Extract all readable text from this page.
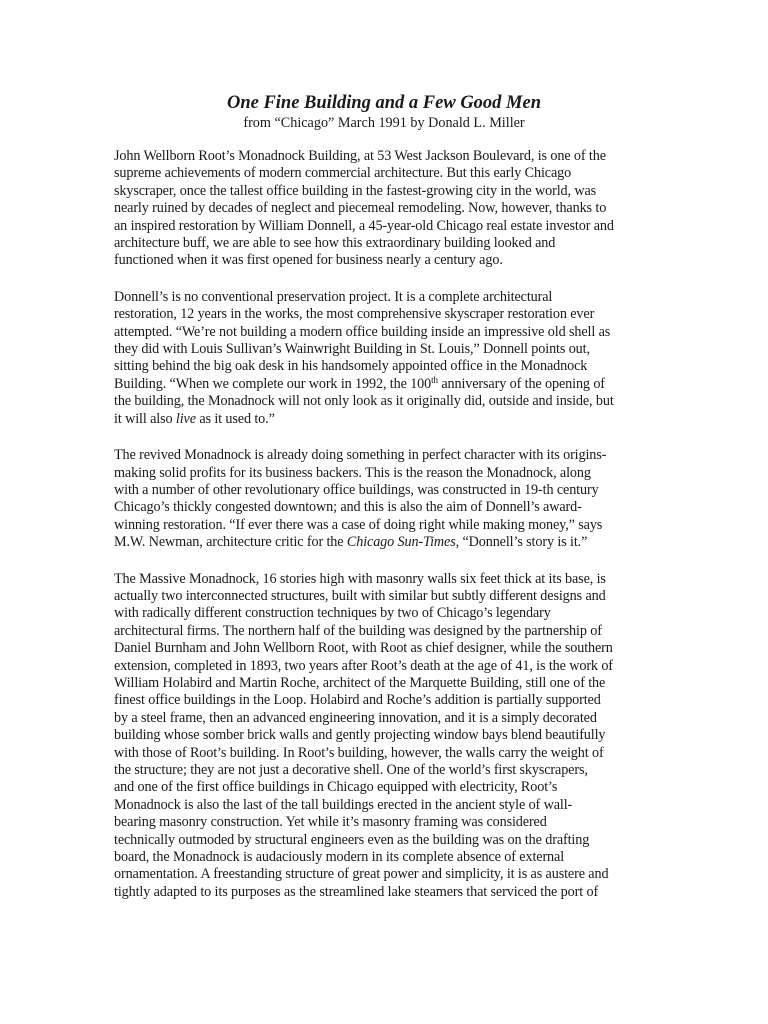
One Fine Building and a Few Good Men
from “Chicago” March 1991 by Donald L. Miller

John Wellborn Root’s Monadnock Building, at 53 West Jackson Boulevard, is one of the
supreme achievements of modern commercial architecture. But this early Chicago
skyscraper, once the tallest office building in the fastest-growing city in the world, was
nearly ruined by decades of neglect and piecemeal remodeling. Now, however, thanks to
an inspired restoration by William Donnell, a 45-year-old Chicago real estate investor and
architecture buff, we are able to see how this extraordinary building looked and
functioned when it was first opened for business nearly a century ago.

Donnell’s is no conventional preservation project. It is a complete architectural
restoration, 12 years in the works, the most comprehensive skyscraper restoration ever
attempted. “We’re not building a modern office building inside an impressive old shell as
they did with Louis Sullivan’s Wainwright Building in St. Louis,” Donnell points out,
sitting behind the big oak desk in his handsomely appointed office in the Monadnock
Building. “When we complete our work in 1992, the 100th anniversary of the opening of
the building, the Monadnock will not only look as it originally did, outside and inside, but
it will also live as it used to.”

The revived Monadnock is already doing something in perfect character with its origins-
making solid profits for its business backers. This is the reason the Monadnock, along
with a number of other revolutionary office buildings, was constructed in 19-th century
Chicago’s thickly congested downtown; and this is also the aim of Donnell’s award-
winning restoration. “If ever there was a case of doing right while making money,” says
M.W. Newman, architecture critic for the Chicago Sun-Times, “Donnell’s story is it.”

The Massive Monadnock, 16 stories high with masonry walls six feet thick at its base, is
actually two interconnected structures, built with similar but subtly different designs and
with radically different construction techniques by two of Chicago’s legendary
architectural firms. The northern half of the building was designed by the partnership of
Daniel Burnham and John Wellborn Root, with Root as chief designer, while the southern
extension, completed in 1893, two years after Root’s death at the age of 41, is the work of
William Holabird and Martin Roche, architect of the Marquette Building, still one of the
finest office buildings in the Loop. Holabird and Roche’s addition is partially supported
by a steel frame, then an advanced engineering innovation, and it is a simply decorated
building whose somber brick walls and gently projecting window bays blend beautifully
with those of Root’s building. In Root’s building, however, the walls carry the weight of
the structure; they are not just a decorative shell. One of the world’s first skyscrapers,
and one of the first office buildings in Chicago equipped with electricity, Root’s
Monadnock is also the last of the tall buildings erected in the ancient style of wall-
bearing masonry construction. Yet while it’s masonry framing was considered
technically outmoded by structural engineers even as the building was on the drafting
board, the Monadnock is audaciously modern in its complete absence of external
ornamentation. A freestanding structure of great power and simplicity, it is as austere and
tightly adapted to its purposes as the streamlined lake steamers that serviced the port of
